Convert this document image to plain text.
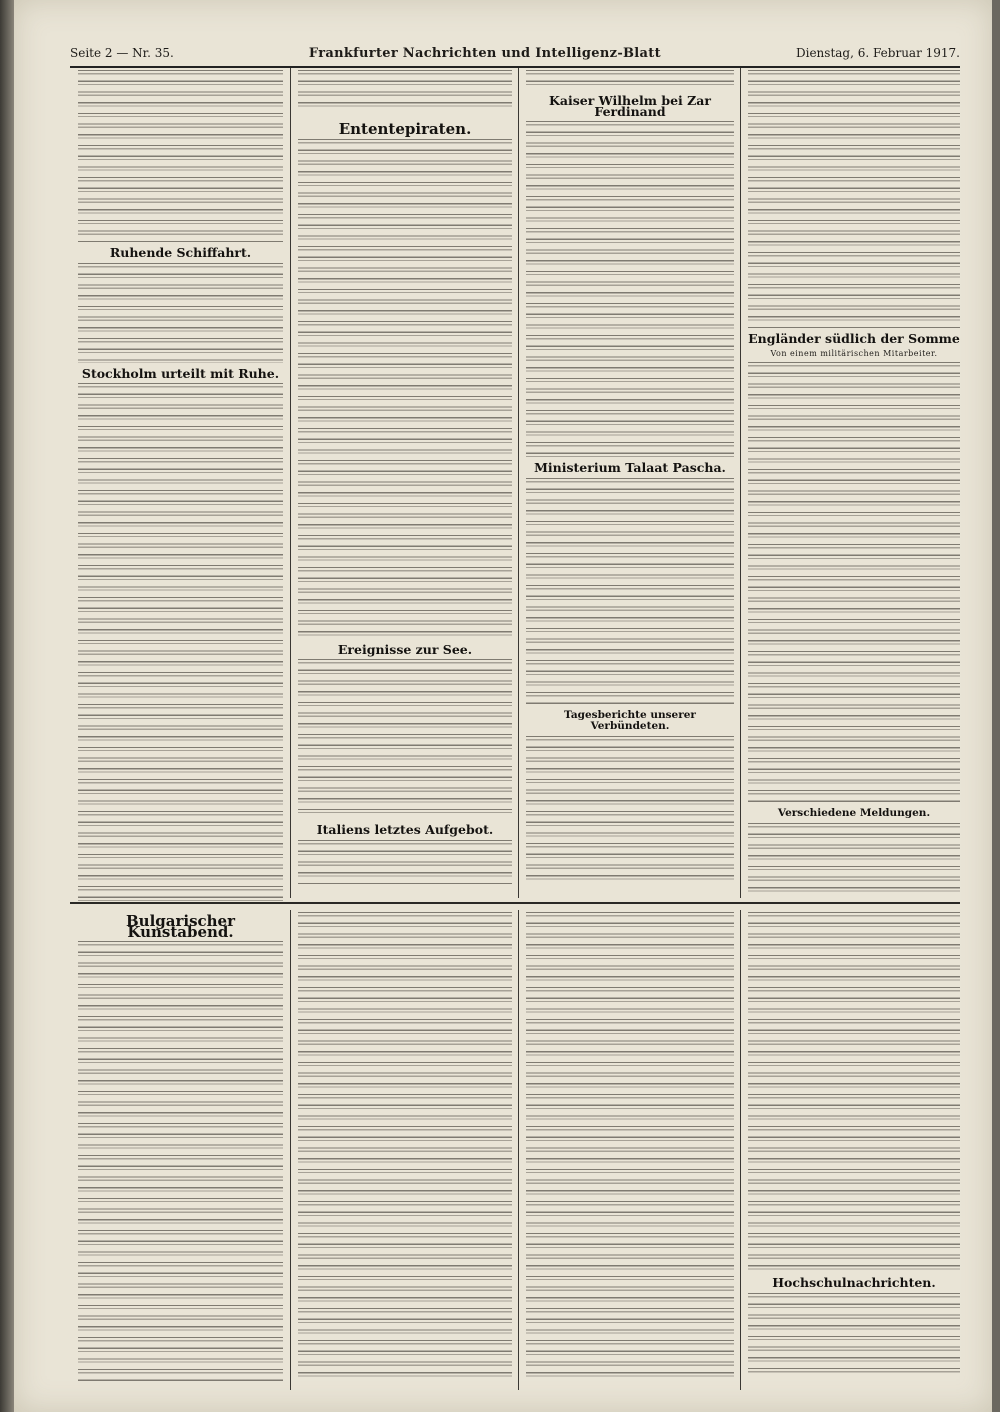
Seite 2 — Nr. 35.	Frankfurter Nachrichten und Intelligenz-Blatt	Dienstag, 6. Februar 1917.
Ruhende Schiffahrt.
Stockholm urteilt mit Ruhe.
Ententepiraten.
Ereignisse zur See.
Italiens letztes Aufgebot.
Kaiser Wilhelm bei Zar Ferdinand
Ministerium Talaat Pascha.
Tagesberichte unserer Verbündeten.
Engländer südlich der Somme
Von einem militärischen Mitarbeiter.
Verschiedene Meldungen.
Bulgarischer Kunstabend.
Hochschulnachrichten.
